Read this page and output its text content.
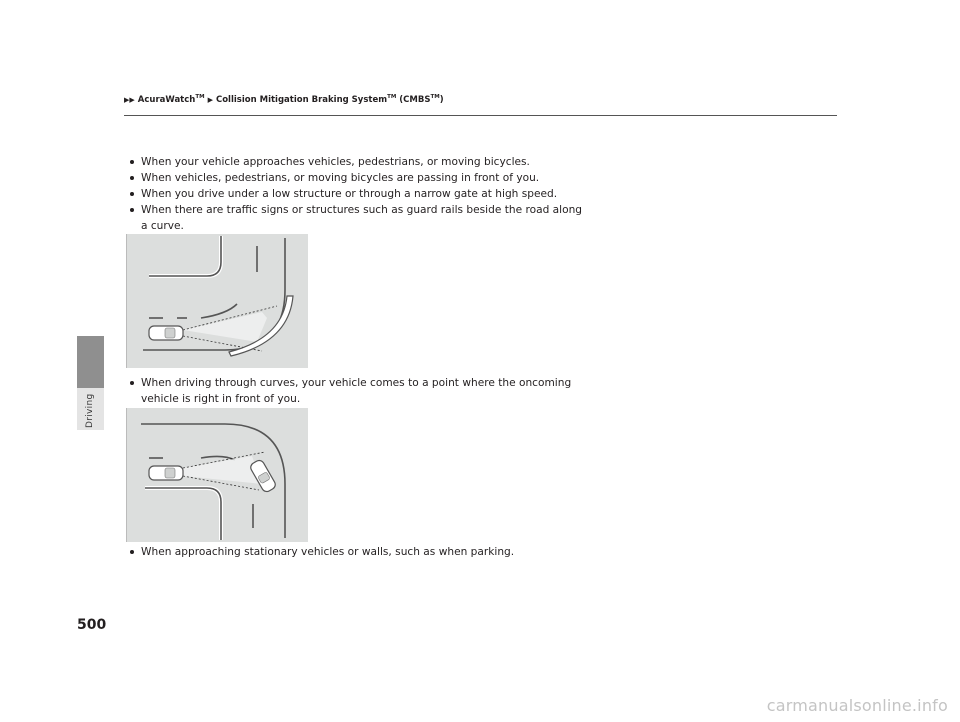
Driving
▶▶ AcuraWatch™ ▶ Collision Mitigation Braking System™ (CMBS™)
When your vehicle approaches vehicles, pedestrians, or moving bicycles.
When vehicles, pedestrians, or moving bicycles are passing in front of you.
When you drive under a low structure or through a narrow gate at high speed.
When there are traffic signs or structures such as guard rails beside the road along a curve.
When driving through curves, your vehicle comes to a point where the oncoming vehicle is right in front of you.
When approaching stationary vehicles or walls, such as when parking.
500
carmanualsonline.info
